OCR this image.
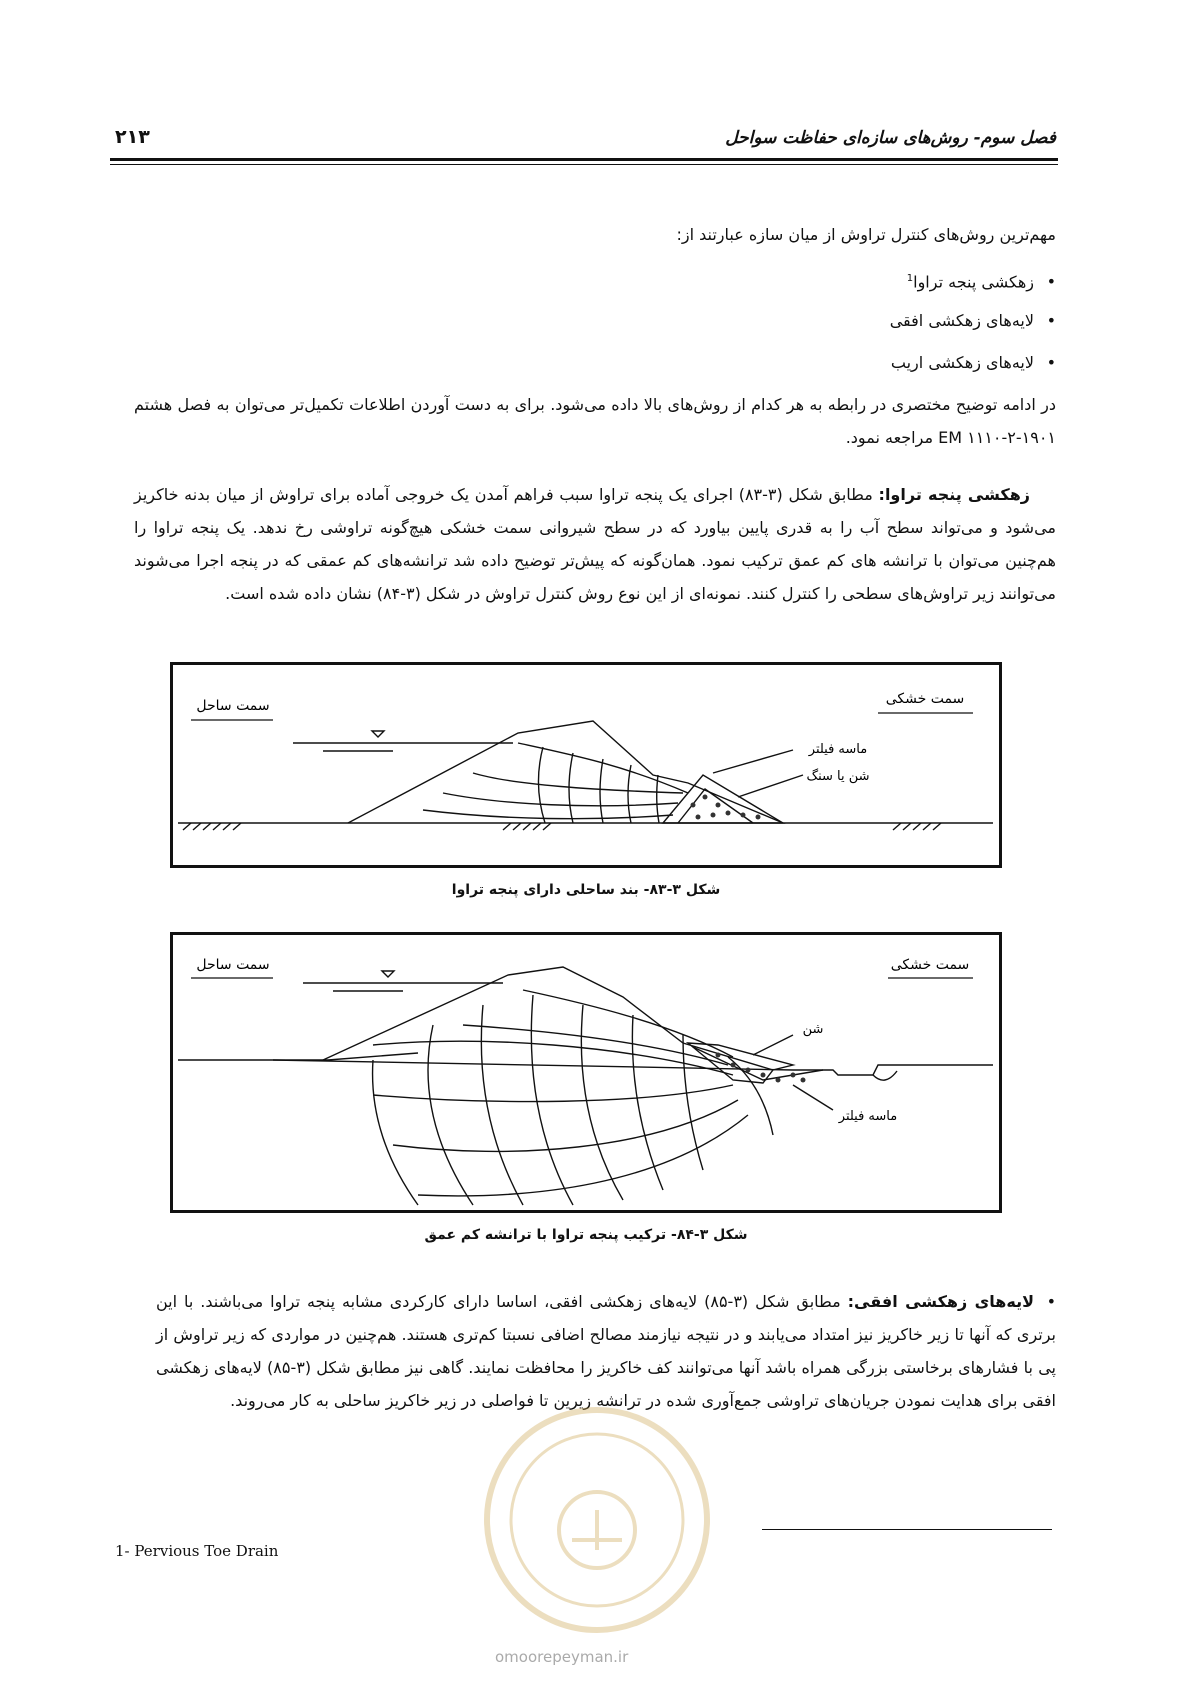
فصل سوم- روش‌های سازه‌ای حفاظت سواحل
۲۱۳
مهم‌ترین روش‌های کنترل تراوش از میان سازه عبارتند از:
• زهکشی پنجه تراوا$^1$
• لایه‌های زهکشی افقی
• لایه‌های زهکشی اریب
در ادامه توضیح مختصری در رابطه به هر کدام از روش‌های بالا داده می‌شود. برای به دست آوردن اطلاعات تکمیل‌تر می‌توان به فصل هشتم EM ۱۱۱۰-۲-۱۹۰۱ مراجعه نمود.
زهکشی پنجه تراوا: مطابق شکل (۳-۸۳) اجرای یک پنجه تراوا سبب فراهم آمدن یک خروجی آماده برای تراوش از میان بدنه خاکریز می‌شود و می‌تواند سطح آب را به قدری پایین بیاورد که در سطح شیروانی سمت خشکی هیچ‌گونه تراوشی رخ ندهد. یک پنجه تراوا را هم‌چنین می‌توان با ترانشه های کم عمق ترکیب نمود. همان‌گونه که پیش‌تر توضیح داده شد ترانشه‌های کم عمقی که در پنجه اجرا می‌شوند می‌توانند زیر تراوش‌های سطحی را کنترل کنند. نمونه‌ای از این نوع روش کنترل تراوش در شکل (۳-۸۴) نشان داده شده است.
سمت ساحل	سمت خشکی
ماسه فیلتر
شن یا سنگ
شکل ۳-۸۳- بند ساحلی دارای پنجه تراوا
سمت ساحل	سمت خشکی
شن
ماسه فیلتر
شکل ۳-۸۴- ترکیب پنجه تراوا با ترانشه کم عمق
•لایه‌های زهکشی افقی: مطابق شکل (۳-۸۵) لایه‌های زهکشی افقی، اساسا دارای کارکردی مشابه پنجه تراوا می‌باشند. با این برتری که آنها تا زیر خاکریز نیز امتداد می‌یابند و در نتیجه نیازمند مصالح اضافی نسبتا کم‌تری هستند. هم‌چنین در مواردی که زیر تراوش از پی با فشارهای برخاستی بزرگی همراه باشد آنها می‌توانند کف خاکریز را محافظت نمایند. گاهی نیز مطابق شکل (۳-۸۵) لایه‌های زهکشی افقی برای هدایت نمودن جریان‌های تراوشی جمع‌آوری شده در ترانشه زیرین تا فواصلی در زیر خاکریز ساحلی به کار می‌روند.
1- Pervious Toe Drain
omoorepeyman.ir
